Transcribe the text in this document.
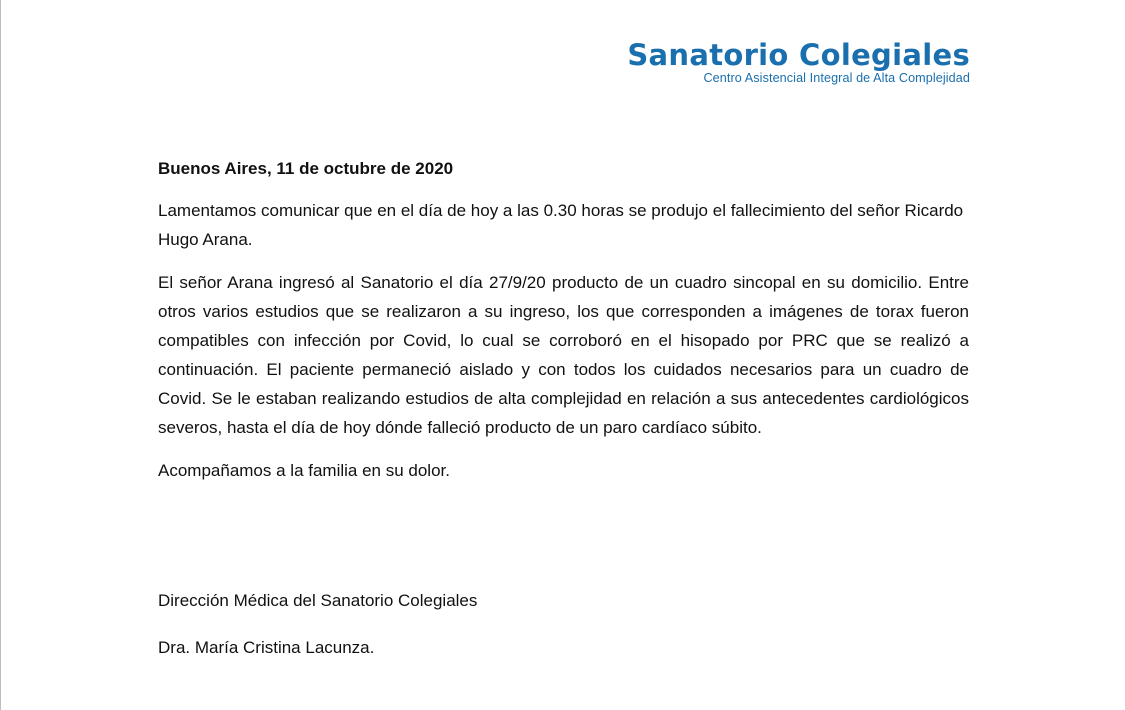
Sanatorio Colegiales
Centro Asistencial Integral de Alta Complejidad

Buenos Aires, 11 de octubre de 2020

Lamentamos comunicar que en el día de hoy a las 0.30 horas se produjo el fallecimiento del señor Ricardo Hugo Arana.

El señor Arana ingresó al Sanatorio el día 27/9/20 producto de un cuadro sincopal en su domicilio. Entre otros varios estudios que se realizaron a su ingreso, los que corresponden a imágenes de torax fueron compatibles con infección por Covid, lo cual se corroboró en el hisopado por PRC que se realizó a continuación. El paciente permaneció aislado y con todos los cuidados necesarios para un cuadro de Covid. Se le estaban realizando estudios de alta complejidad en relación a sus antecedentes cardiológicos severos, hasta el día de hoy dónde falleció producto de un paro cardíaco súbito.

Acompañamos a la familia en su dolor.

Dirección Médica del Sanatorio Colegiales
Dra. María Cristina Lacunza.
